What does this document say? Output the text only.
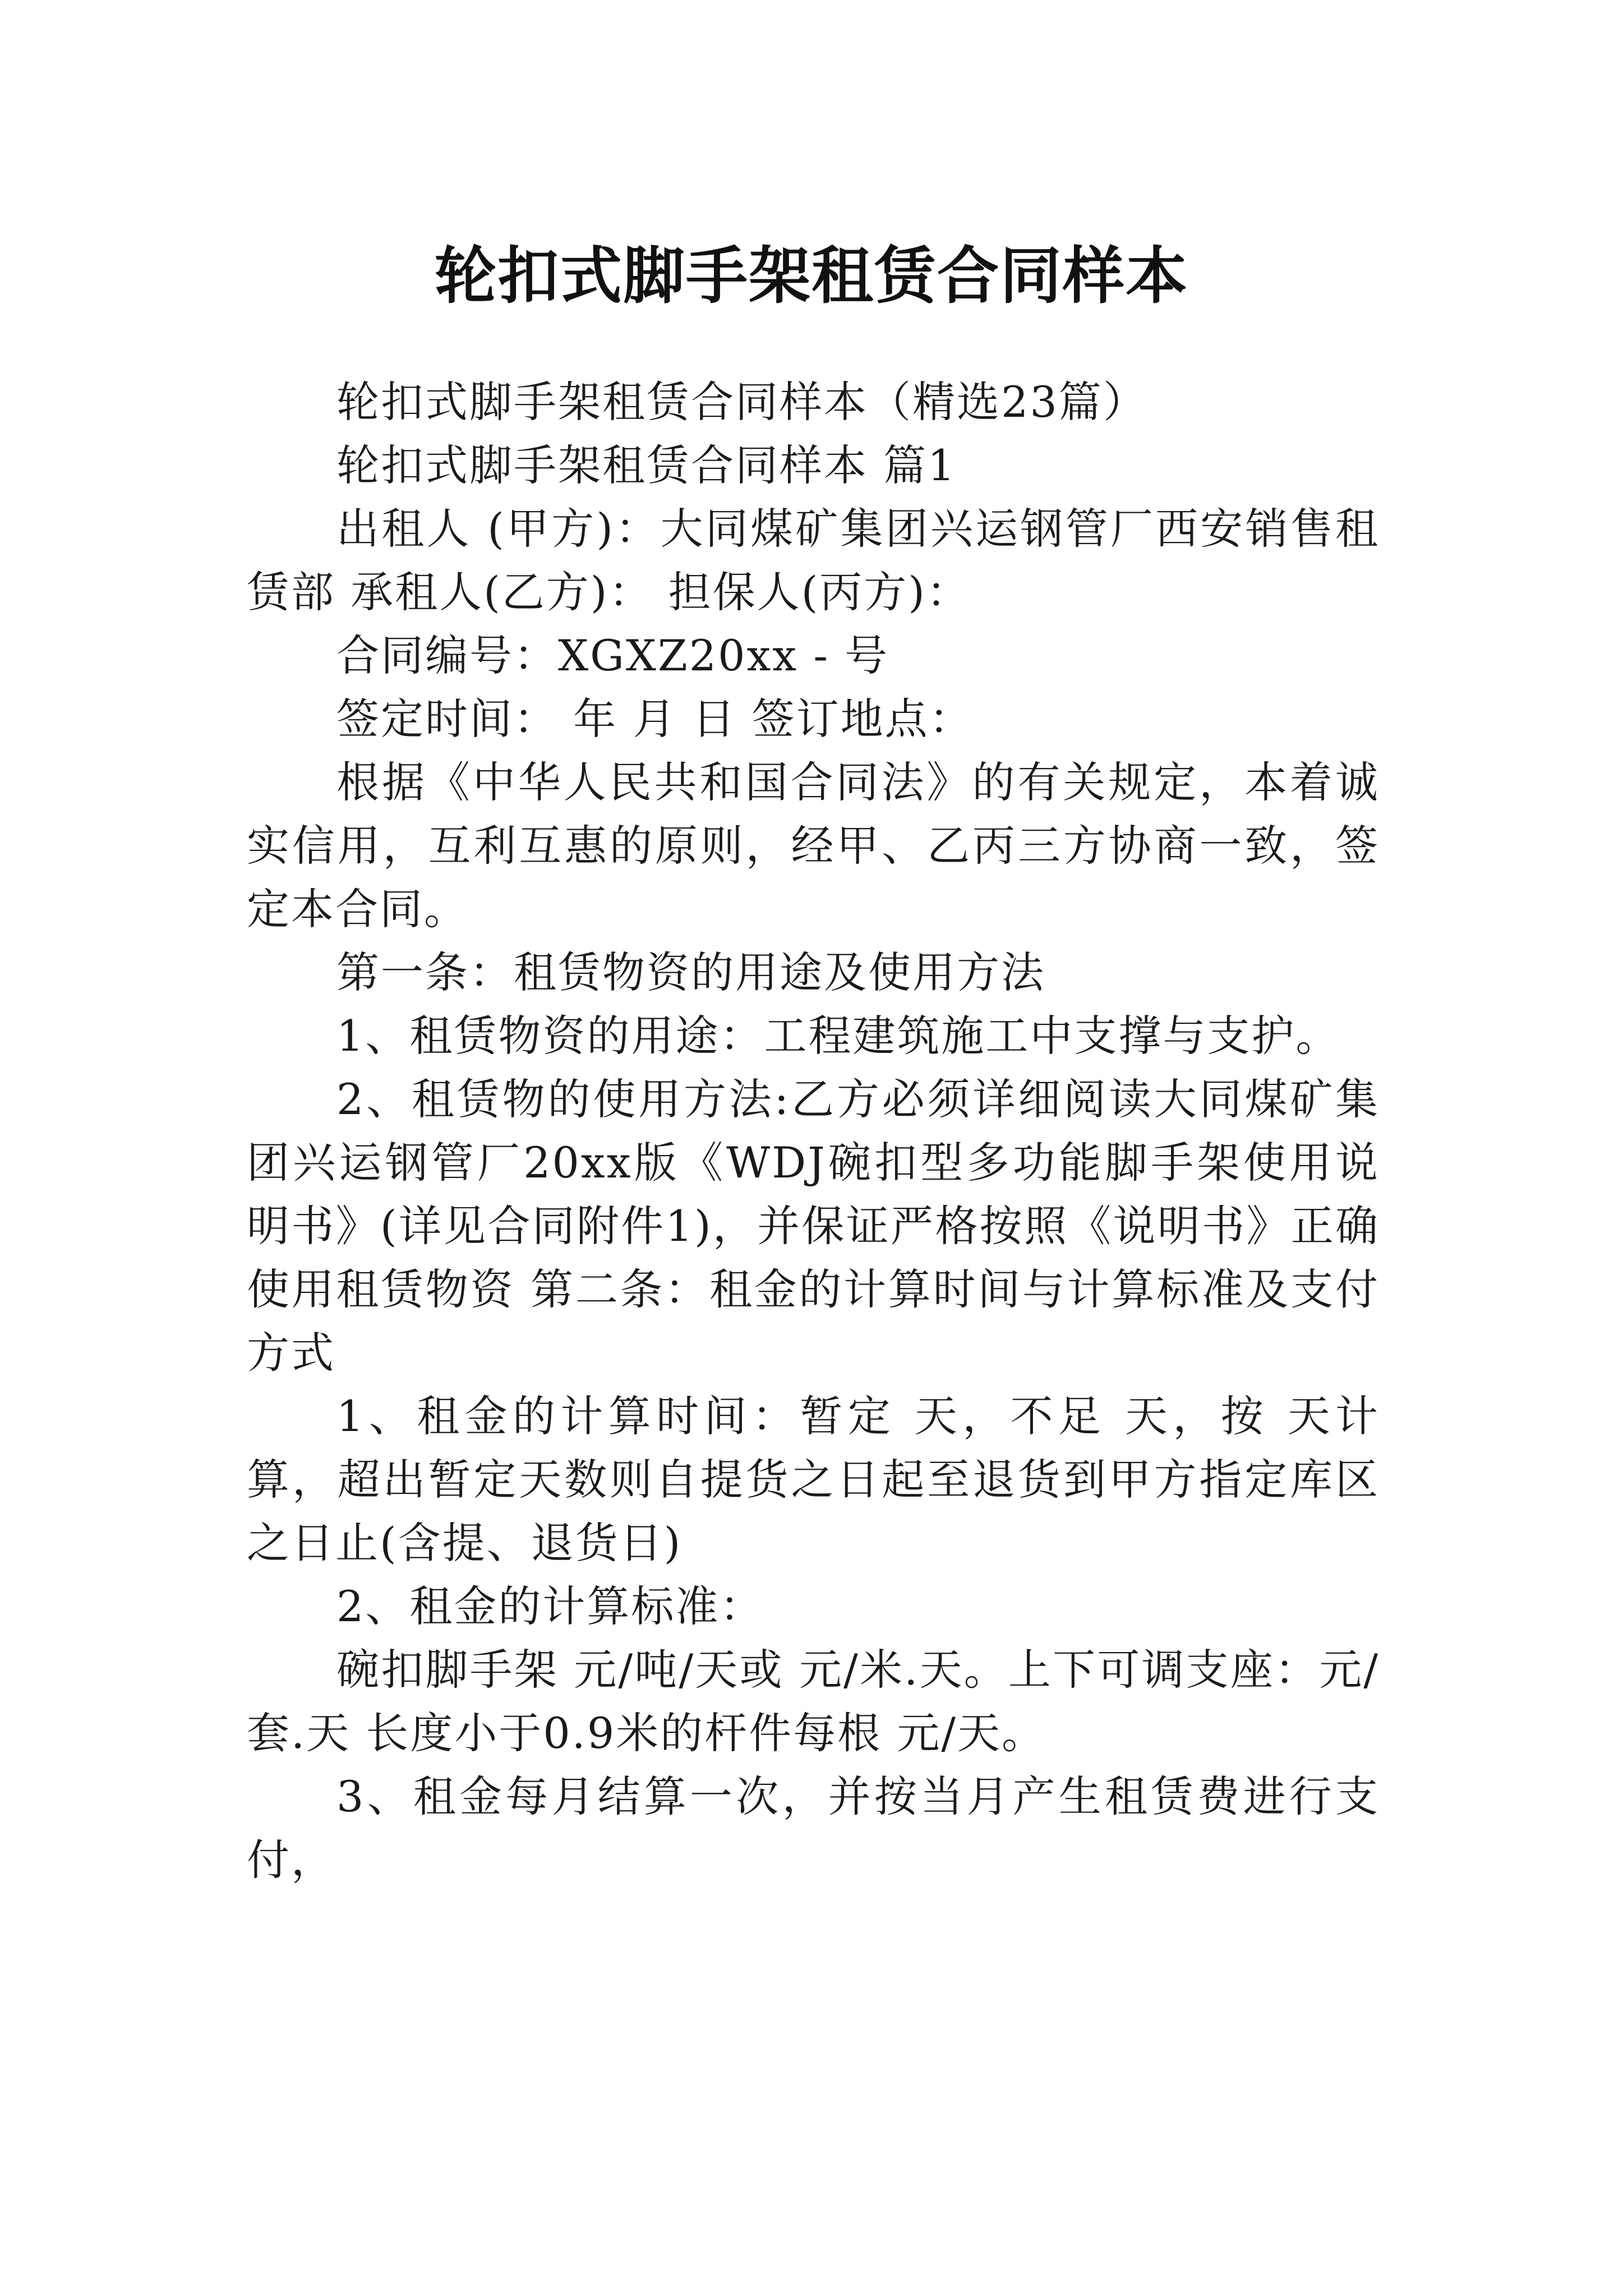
轮扣式脚手架租赁合同样本

轮扣式脚手架租赁合同样本（精选23篇）

轮扣式脚手架租赁合同样本 篇1

出租人 (甲方)：大同煤矿集团兴运钢管厂西安销售租赁部 承租人(乙方)： 担保人(丙方)：

合同编号：XGXZ20xx - 号

签定时间： 年 月 日 签订地点：

根据《中华人民共和国合同法》的有关规定，本着诚实信用，互利互惠的原则，经甲、乙丙三方协商一致，签定本合同。

第一条：租赁物资的用途及使用方法

1、租赁物资的用途：工程建筑施工中支撑与支护。

2、租赁物的使用方法:乙方必须详细阅读大同煤矿集团兴运钢管厂20xx版《WDJ碗扣型多功能脚手架使用说明书》(详见合同附件1)，并保证严格按照《说明书》正确使用租赁物资 第二条：租金的计算时间与计算标准及支付方式

1、租金的计算时间：暂定 天，不足 天，按 天计算，超出暂定天数则自提货之日起至退货到甲方指定库区之日止(含提、退货日)

2、租金的计算标准：

碗扣脚手架 元/吨/天或 元/米.天。上下可调支座：元/套.天 长度小于0.9米的杆件每根 元/天。

3、租金每月结算一次，并按当月产生租赁费进行支付，
